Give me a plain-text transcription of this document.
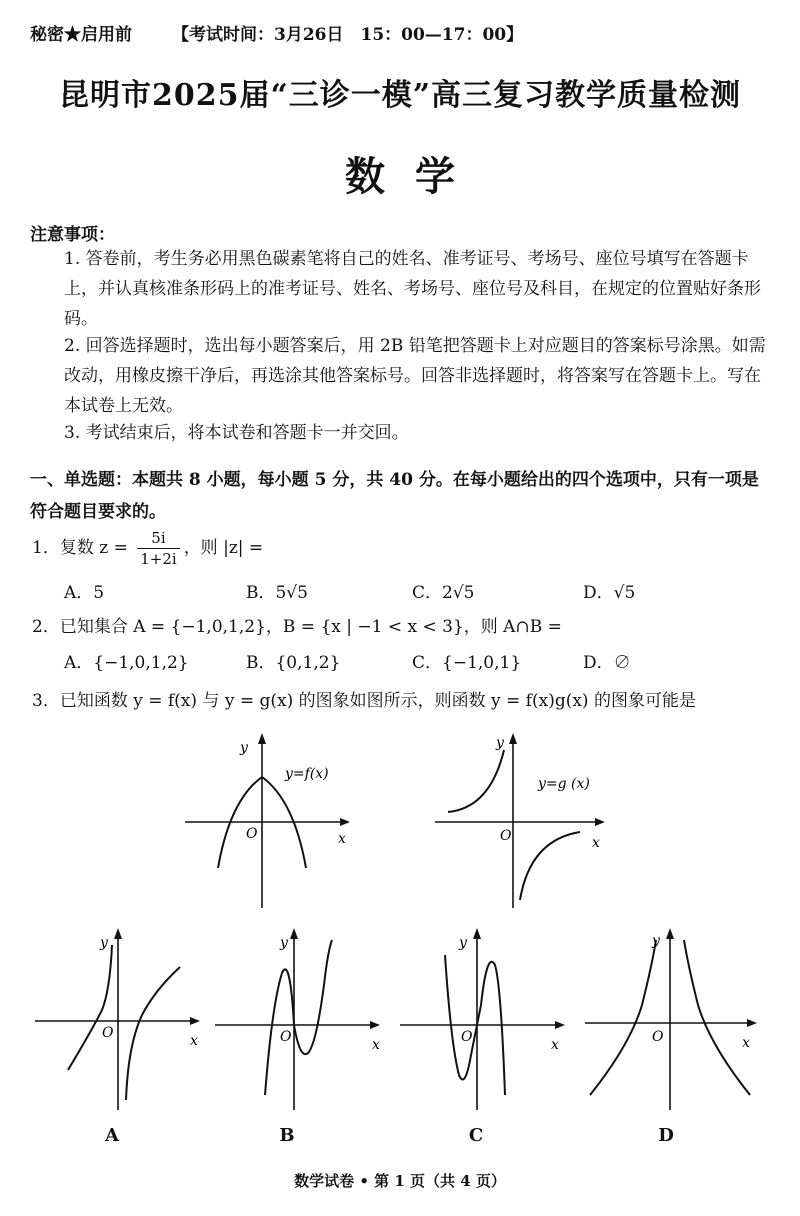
秘密★启用前 【考试时间：3月26日　15：00—17：00】
昆明市2025届“三诊一模”高三复习教学质量检测
数学
注意事项：
1. 答卷前，考生务必用黑色碳素笔将自己的姓名、准考证号、考场号、座位号填写在答题卡上，并认真核准条形码上的准考证号、姓名、考场号、座位号及科目，在规定的位置贴好条形码。
2. 回答选择题时，选出每小题答案后，用 2B 铅笔把答题卡上对应题目的答案标号涂黑。如需改动，用橡皮擦干净后，再选涂其他答案标号。回答非选择题时，将答案写在答题卡上。写在本试卷上无效。
3. 考试结束后，将本试卷和答题卡一并交回。
一、单选题：本题共 8 小题，每小题 5 分，共 40 分。在每小题给出的四个选项中，只有一项是符合题目要求的。
1．复数 $z = \frac{5i}{1+2i}$ ，则 |z| =
A．5	B．5√5	C．2√5	D．√5
2．已知集合 A = {−1,0,1,2}，B = {x | −1 < x < 3}，则 A∩B =
A．{−1,0,1,2}	B．{0,1,2}	C．{−1,0,1}	D．∅
3．已知函数 y = f(x) 与 y = g(x) 的图象如图所示，则函数 y = f(x)g(x) 的图象可能是
y
y=f(x)
O	x
y
y=g (x)
O	x
y
O	x
y
O	x
y
O	x
y
O	x
A	B	C	D
数学试卷 • 第 1 页（共 4 页）
